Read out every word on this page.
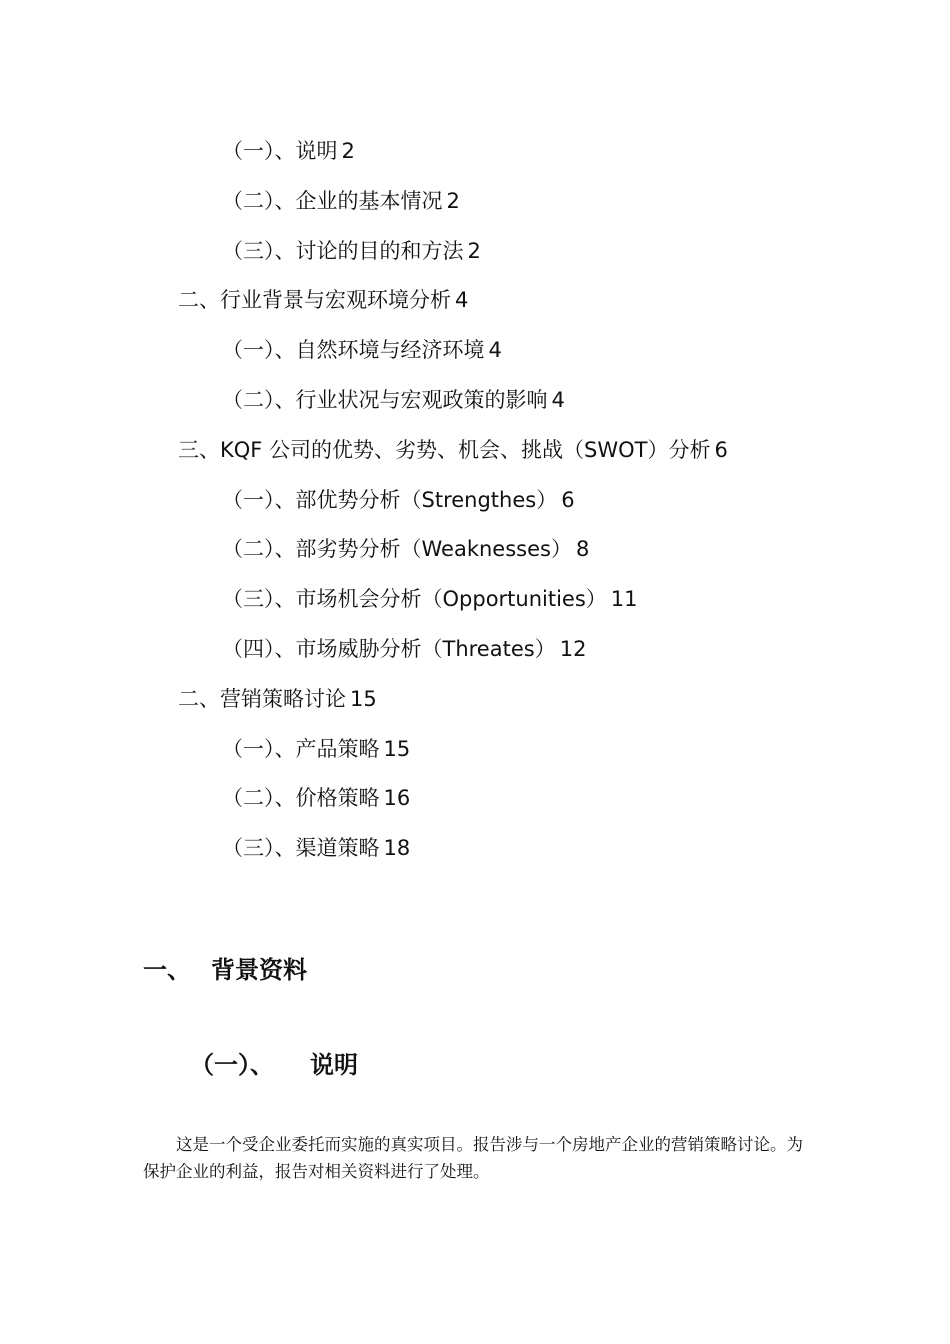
（一）、说明 2
（二）、企业的基本情况 2
（三）、讨论的目的和方法 2
二、行业背景与宏观环境分析 4
（一）、自然环境与经济环境 4
（二）、行业状况与宏观政策的影响 4
三、KQF 公司的优势、劣势、机会、挑战（SWOT）分析 6
（一）、部优势分析（Strengthes） 6
（二）、部劣势分析（Weaknesses） 8
（三）、市场机会分析（Opportunities） 11
（四）、市场威胁分析（Threates） 12
二、营销策略讨论 15
（一）、产品策略 15
（二）、价格策略 16
（三）、渠道策略 18
一、 背景资料
（一）、 说明

这是一个受企业委托而实施的真实项目。报告涉与一个房地产企业的营销策略讨论。为保护企业的利益，报告对相关资料进行了处理。
